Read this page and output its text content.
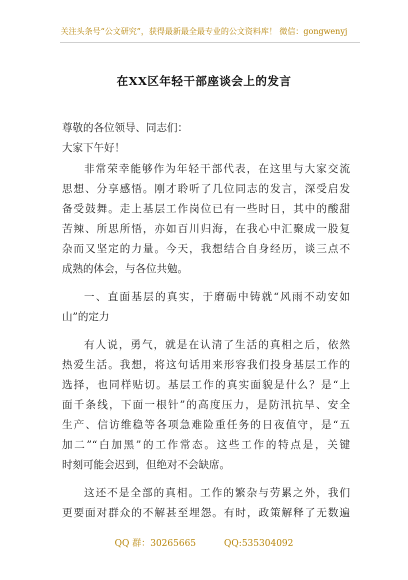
关注头条号“公文研究”，获得最新最全最专业的公文资料库！ 微信：gongwenyj
在XX区年轻干部座谈会上的发言
尊敬的各位领导、同志们：
大家下午好！
非常荣幸能够作为年轻干部代表，在这里与大家交流
思想、分享感悟。刚才聆听了几位同志的发言，深受启发
备受鼓舞。走上基层工作岗位已有一些时日，其中的酸甜
苦辣、所思所悟，亦如百川归海，在我心中汇聚成一股复
杂而又坚定的力量。今天，我想结合自身经历，谈三点不
成熟的体会，与各位共勉。
一、直面基层的真实，于磨砺中铸就“风雨不动安如
山”的定力
有人说，勇气，就是在认清了生活的真相之后，依然
热爱生活。我想，将这句话用来形容我们投身基层工作的
选择，也同样贴切。基层工作的真实面貌是什么？是“上
面千条线，下面一根针”的高度压力，是防汛抗旱、安全
生产、信访维稳等各项急难险重任务的日夜值守，是“五
加二”“白加黑”的工作常态。这些工作的特点是，关键
时刻可能会迟到，但绝对不会缺席。
这还不是全部的真相。工作的繁杂与劳累之外，我们
更要面对群众的不解甚至埋怨。有时，政策解释了无数遍
QQ 群：30265665	QQ:535304092
